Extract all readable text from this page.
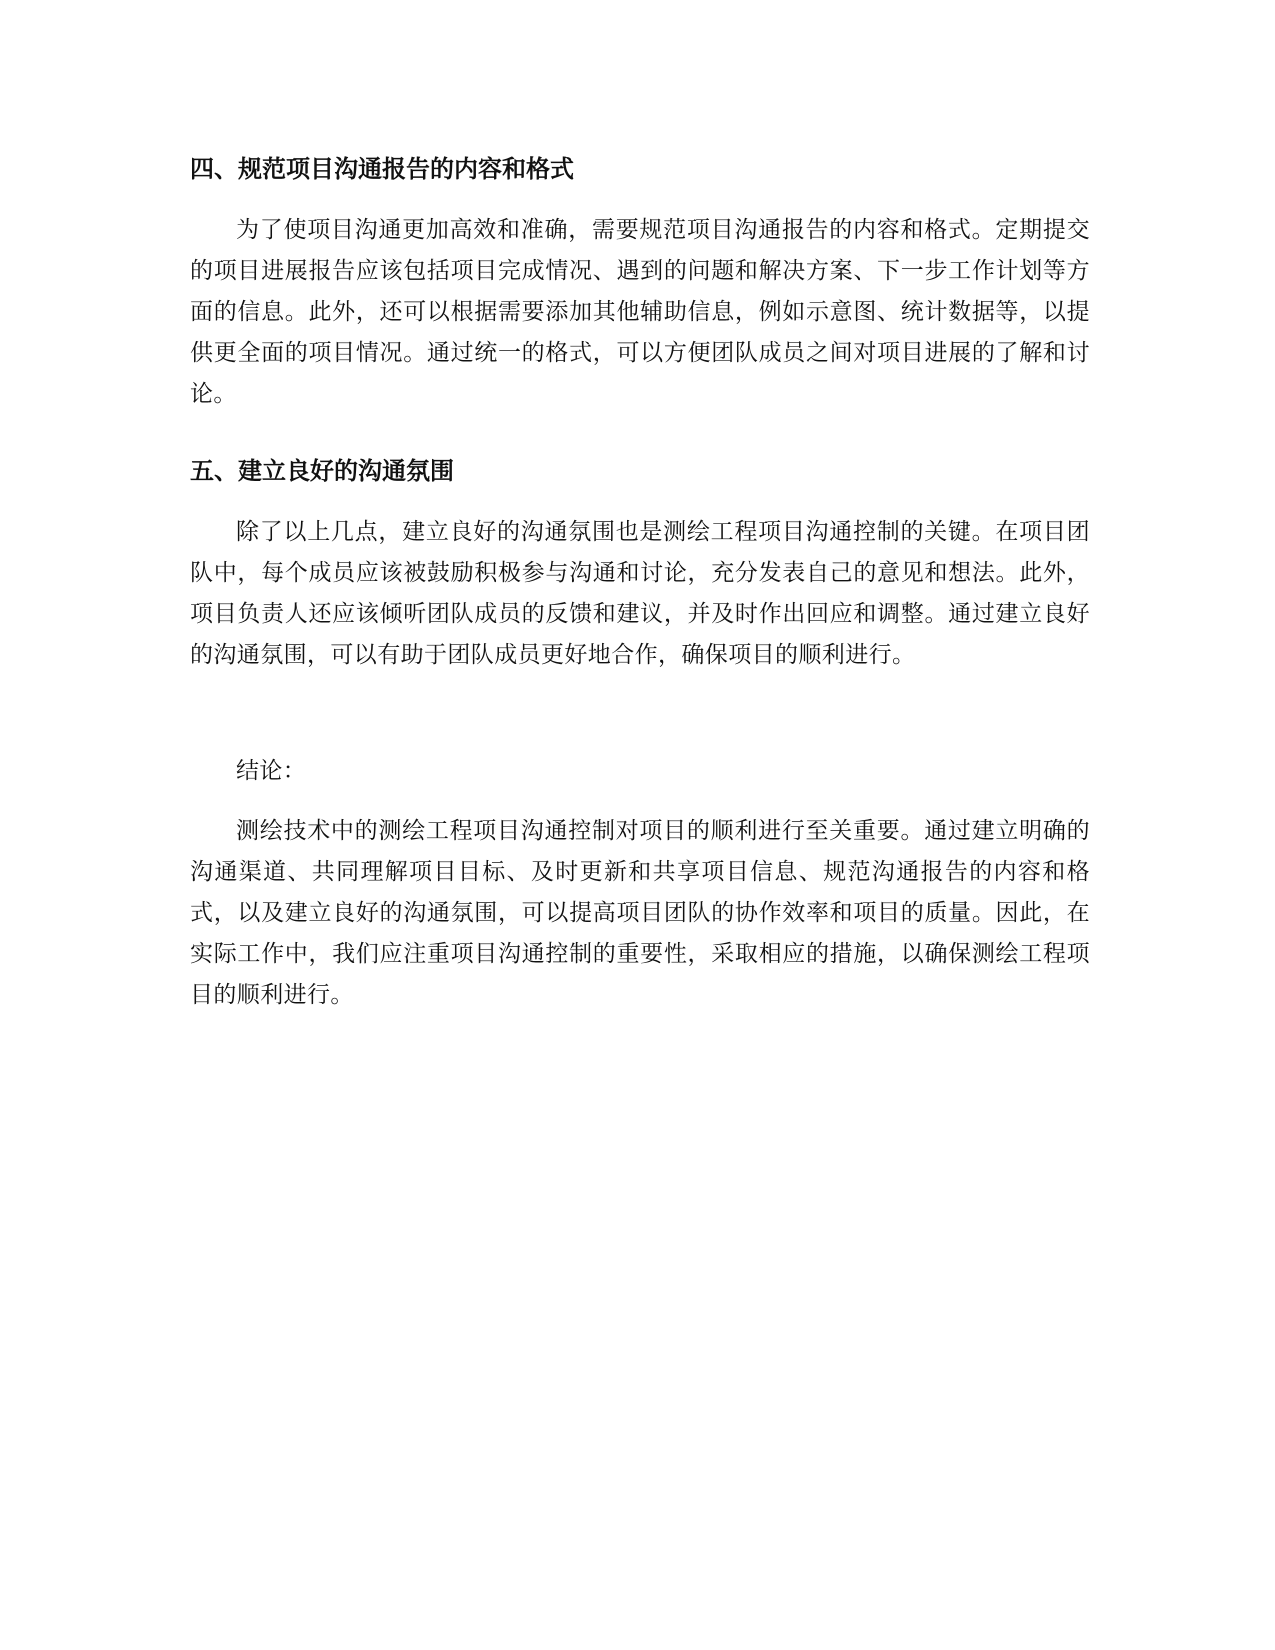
四、规范项目沟通报告的内容和格式

为了使项目沟通更加高效和准确，需要规范项目沟通报告的内容和格式。定期提交的项目进展报告应该包括项目完成情况、遇到的问题和解决方案、下一步工作计划等方面的信息。此外，还可以根据需要添加其他辅助信息，例如示意图、统计数据等，以提供更全面的项目情况。通过统一的格式，可以方便团队成员之间对项目进展的了解和讨论。

五、建立良好的沟通氛围

除了以上几点，建立良好的沟通氛围也是测绘工程项目沟通控制的关键。在项目团队中，每个成员应该被鼓励积极参与沟通和讨论，充分发表自己的意见和想法。此外，项目负责人还应该倾听团队成员的反馈和建议，并及时作出回应和调整。通过建立良好的沟通氛围，可以有助于团队成员更好地合作，确保项目的顺利进行。

结论：

测绘技术中的测绘工程项目沟通控制对项目的顺利进行至关重要。通过建立明确的沟通渠道、共同理解项目目标、及时更新和共享项目信息、规范沟通报告的内容和格式，以及建立良好的沟通氛围，可以提高项目团队的协作效率和项目的质量。因此，在实际工作中，我们应注重项目沟通控制的重要性，采取相应的措施，以确保测绘工程项目的顺利进行。
